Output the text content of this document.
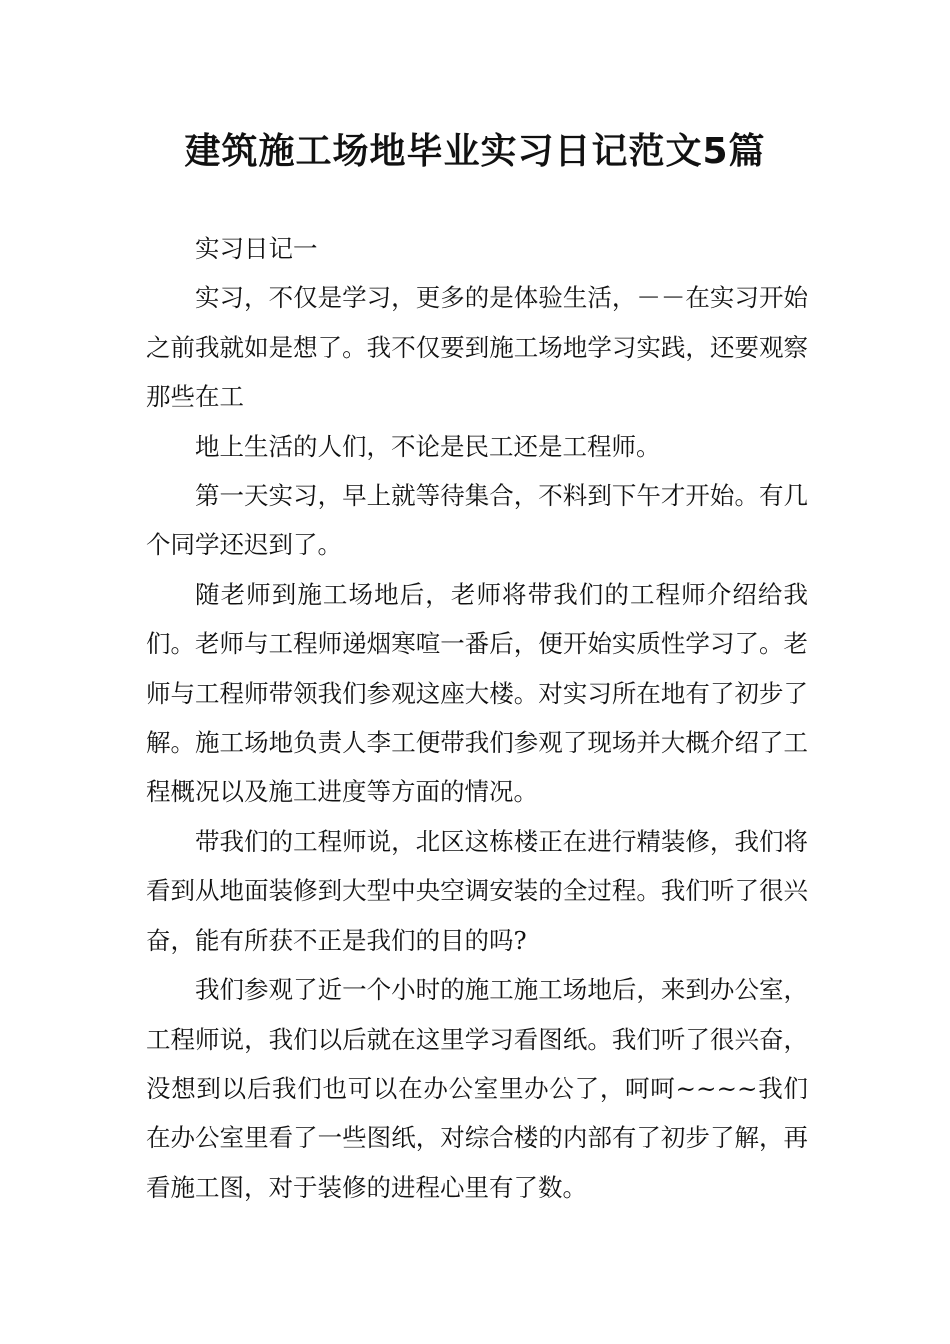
建筑施工场地毕业实习日记范文5篇

实习日记一

实习，不仅是学习，更多的是体验生活，－－在实习开始之前我就如是想了。我不仅要到施工场地学习实践，还要观察那些在工

地上生活的人们，不论是民工还是工程师。

第一天实习，早上就等待集合，不料到下午才开始。有几个同学还迟到了。

随老师到施工场地后，老师将带我们的工程师介绍给我们。老师与工程师递烟寒喧一番后，便开始实质性学习了。老师与工程师带领我们参观这座大楼。对实习所在地有了初步了解。施工场地负责人李工便带我们参观了现场并大概介绍了工程概况以及施工进度等方面的情况。

带我们的工程师说，北区这栋楼正在进行精装修，我们将看到从地面装修到大型中央空调安装的全过程。我们听了很兴奋，能有所获不正是我们的目的吗?

我们参观了近一个小时的施工施工场地后，来到办公室，工程师说，我们以后就在这里学习看图纸。我们听了很兴奋，没想到以后我们也可以在办公室里办公了，呵呵~~~~我们在办公室里看了一些图纸，对综合楼的内部有了初步了解，再看施工图，对于装修的进程心里有了数。
